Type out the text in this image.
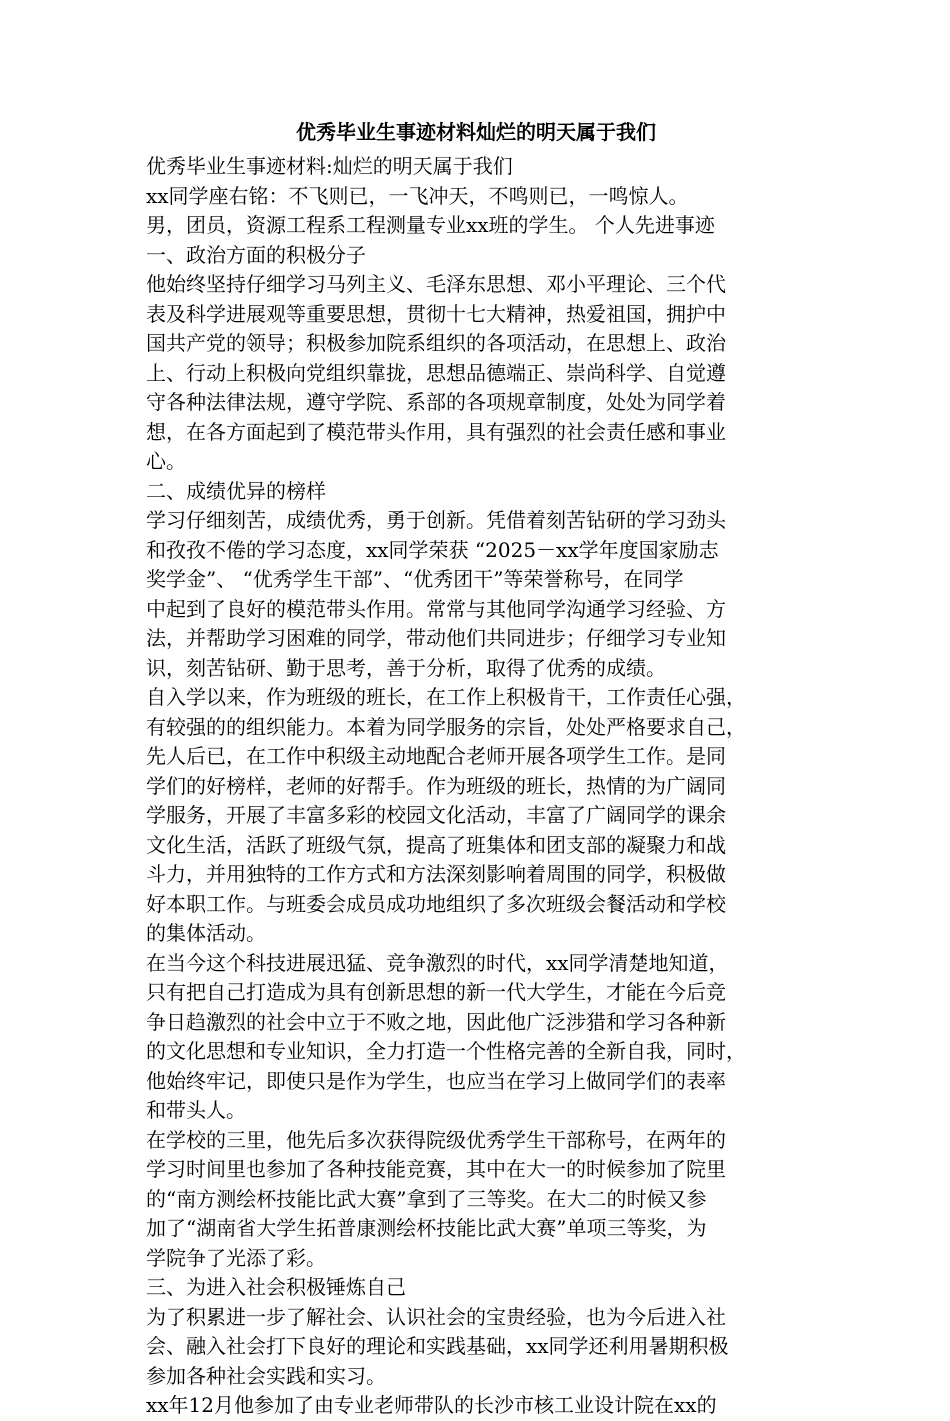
优秀毕业生事迹材料灿烂的明天属于我们

优秀毕业生事迹材料:灿烂的明天属于我们

xx同学座右铭：不飞则已，一飞冲天，不鸣则已，一鸣惊人。

男，团员，资源工程系工程测量专业xx班的学生。 个人先进事迹

一、政治方面的积极分子

他始终坚持仔细学习马列主义、毛泽东思想、邓小平理论、三个代

表及科学进展观等重要思想，贯彻十七大精神，热爱祖国，拥护中

国共产党的领导；积极参加院系组织的各项活动，在思想上、政治

上、行动上积极向党组织靠拢，思想品德端正、崇尚科学、自觉遵

守各种法律法规，遵守学院、系部的各项规章制度，处处为同学着

想，在各方面起到了模范带头作用，具有强烈的社会责任感和事业

心。

二、成绩优异的榜样

学习仔细刻苦，成绩优秀，勇于创新。凭借着刻苦钻研的学习劲头

和孜孜不倦的学习态度，xx同学荣获 “2025－xx学年度国家励志

奖学金”、 “优秀学生干部”、“优秀团干”等荣誉称号，在同学

中起到了良好的模范带头作用。常常与其他同学沟通学习经验、方

法，并帮助学习困难的同学，带动他们共同进步；仔细学习专业知

识，刻苦钻研、勤于思考，善于分析，取得了优秀的成绩。

自入学以来，作为班级的班长，在工作上积极肯干，工作责任心强，

有较强的的组织能力。本着为同学服务的宗旨，处处严格要求自己，

先人后已，在工作中积级主动地配合老师开展各项学生工作。是同

学们的好榜样，老师的好帮手。作为班级的班长，热情的为广阔同

学服务，开展了丰富多彩的校园文化活动，丰富了广阔同学的课余

文化生活，活跃了班级气氛，提高了班集体和团支部的凝聚力和战

斗力，并用独特的工作方式和方法深刻影响着周围的同学，积极做

好本职工作。与班委会成员成功地组织了多次班级会餐活动和学校

的集体活动。

在当今这个科技进展迅猛、竞争激烈的时代，xx同学清楚地知道，

只有把自己打造成为具有创新思想的新一代大学生，才能在今后竞

争日趋激烈的社会中立于不败之地，因此他广泛涉猎和学习各种新

的文化思想和专业知识，全力打造一个性格完善的全新自我，同时，

他始终牢记，即使只是作为学生，也应当在学习上做同学们的表率

和带头人。

在学校的三里，他先后多次获得院级优秀学生干部称号，在两年的

学习时间里也参加了各种技能竞赛，其中在大一的时候参加了院里

的“南方测绘杯技能比武大赛”拿到了三等奖。在大二的时候又参

加了“湖南省大学生拓普康测绘杯技能比武大赛”单项三等奖，为

学院争了光添了彩。

三、为进入社会积极锤炼自己

为了积累进一步了解社会、认识社会的宝贵经验，也为今后进入社

会、融入社会打下良好的理论和实践基础，xx同学还利用暑期积极

参加各种社会实践和实习。

xx年12月他参加了由专业老师带队的长沙市核工业设计院在xx的
